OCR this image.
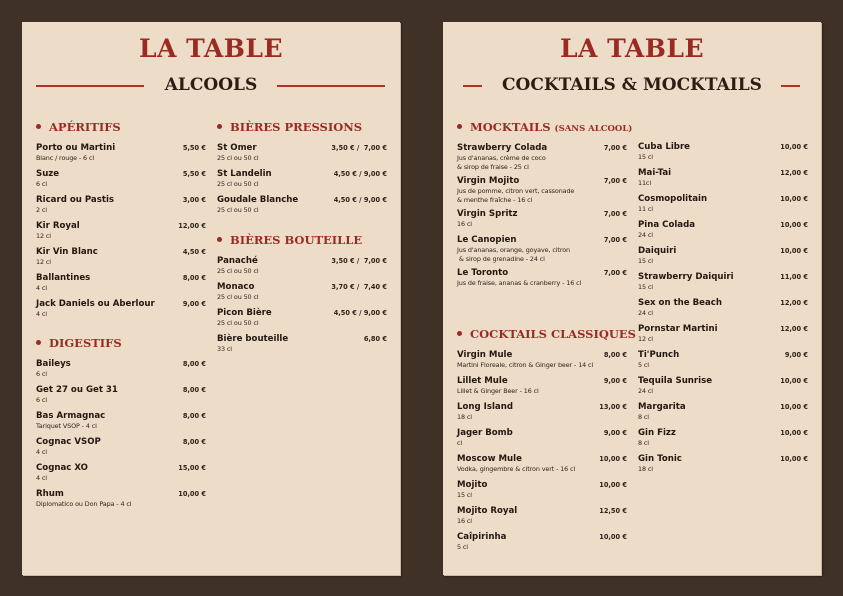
LA TABLE
ALCOOLS
APÉRITIFS
Porto ou Martini
Blanc / rouge - 6 cl
5,50 €
Suze
6 cl
5,50 €
Ricard ou Pastis
2 cl
3,00 €
Kir Royal
12 cl
12,00 €
Kir Vin Blanc
12 cl
4,50 €
Ballantines
4 cl
8,00 €
Jack Daniels ou Aberlour
4 cl
9,00 €
DIGESTIFS
Baileys
6 cl
8,00 €
Get 27 ou Get 31
6 cl
8,00 €
Bas Armagnac
Tariquet VSOP - 4 cl
8,00 €
Cognac VSOP
4 cl
8,00 €
Cognac XO
4 cl
15,00 €
Rhum
Diplomatico ou Don Papa - 4 cl
10,00 €
BIÈRES PRESSIONS
St Omer
25 cl ou 50 cl
3,50 € /  7,00 €
St Landelin
25 cl ou 50 cl
4,50 € / 9,00 €
Goudale Blanche
25 cl ou 50 cl
4,50 € / 9,00 €
BIÈRES BOUTEILLE
Panaché
25 cl ou 50 cl
3,50 € /  7,00 €
Monaco
25 cl ou 50 cl
3,70 € /  7,40 €
Picon Bière
25 cl ou 50 cl
4,50 € / 9,00 €
Bière bouteille
33 cl
6,80 €
LA TABLE
COCKTAILS & MOCKTAILS
MOCKTAILS (SANS ALCOOL)
Strawberry Colada
Jus d'ananas, crème de coco
& sirop de fraise - 25 cl
7,00 €
Virgin Mojito
Jus de pomme, citron vert, cassonade
& menthe fraîche - 16 cl
7,00 €
Virgin Spritz
16 cl
7,00 €
Le Canopien
Jus d'ananas, orange, goyave, citron
& sirop de grenadine - 24 cl
7,00 €
Le Toronto
Jus de fraise, ananas & cranberry - 16 cl
7,00 €
COCKTAILS CLASSIQUES
Virgin Mule
Martini Floreale, citron & Ginger beer - 14 cl
8,00 €
Lillet Mule
Lillet & Ginger Beer - 16 cl
9,00 €
Long Island
18 cl
13,00 €
Jager Bomb
cl
9,00 €
Moscow Mule
Vodka, gingembre & citron vert - 16 cl
10,00 €
Mojito
15 cl
10,00 €
Mojito Royal
16 cl
12,50 €
Caîpirinha
5 cl
10,00 €
Cuba Libre
15 cl
10,00 €
Mai-Tai
11cl
12,00 €
Cosmopolitain
11 cl
10,00 €
Pina Colada
24 cl
10,00 €
Daiquiri
15 cl
10,00 €
Strawberry Daiquiri
15 cl
11,00 €
Sex on the Beach
24 cl
12,00 €
Pornstar Martini
12 cl
12,00 €
Ti'Punch
5 cl
9,00 €
Tequila Sunrise
24 cl
10,00 €
Margarita
8 cl
10,00 €
Gin Fizz
8 cl
10,00 €
Gin Tonic
18 cl
10,00 €
